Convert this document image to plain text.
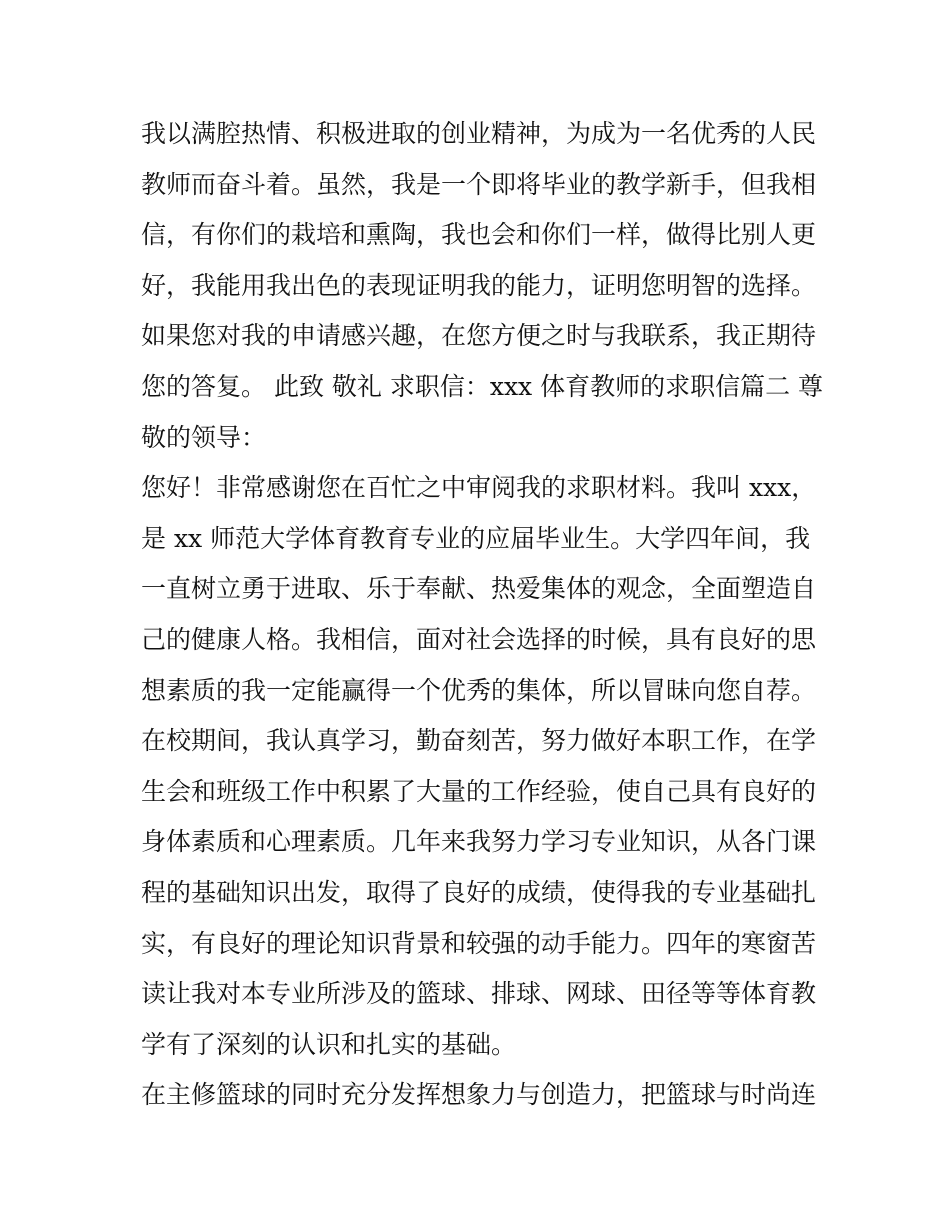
我以满腔热情、积极进取的创业精神，为成为一名优秀的人民
教师而奋斗着。虽然，我是一个即将毕业的教学新手，但我相
信，有你们的栽培和熏陶，我也会和你们一样，做得比别人更
好，我能用我出色的表现证明我的能力，证明您明智的选择。
如果您对我的申请感兴趣，在您方便之时与我联系，我正期待
您的答复。 此致 敬礼 求职信：xxx 体育教师的求职信篇二 尊
敬的领导：
您好！非常感谢您在百忙之中审阅我的求职材料。我叫 xxx，
是 xx 师范大学体育教育专业的应届毕业生。大学四年间，我
一直树立勇于进取、乐于奉献、热爱集体的观念，全面塑造自
己的健康人格。我相信，面对社会选择的时候，具有良好的思
想素质的我一定能赢得一个优秀的集体，所以冒昧向您自荐。
在校期间，我认真学习，勤奋刻苦，努力做好本职工作，在学
生会和班级工作中积累了大量的工作经验，使自己具有良好的
身体素质和心理素质。几年来我努力学习专业知识，从各门课
程的基础知识出发，取得了良好的成绩，使得我的专业基础扎
实，有良好的理论知识背景和较强的动手能力。四年的寒窗苦
读让我对本专业所涉及的篮球、排球、网球、田径等等体育教
学有了深刻的认识和扎实的基础。
在主修篮球的同时充分发挥想象力与创造力，把篮球与时尚连
